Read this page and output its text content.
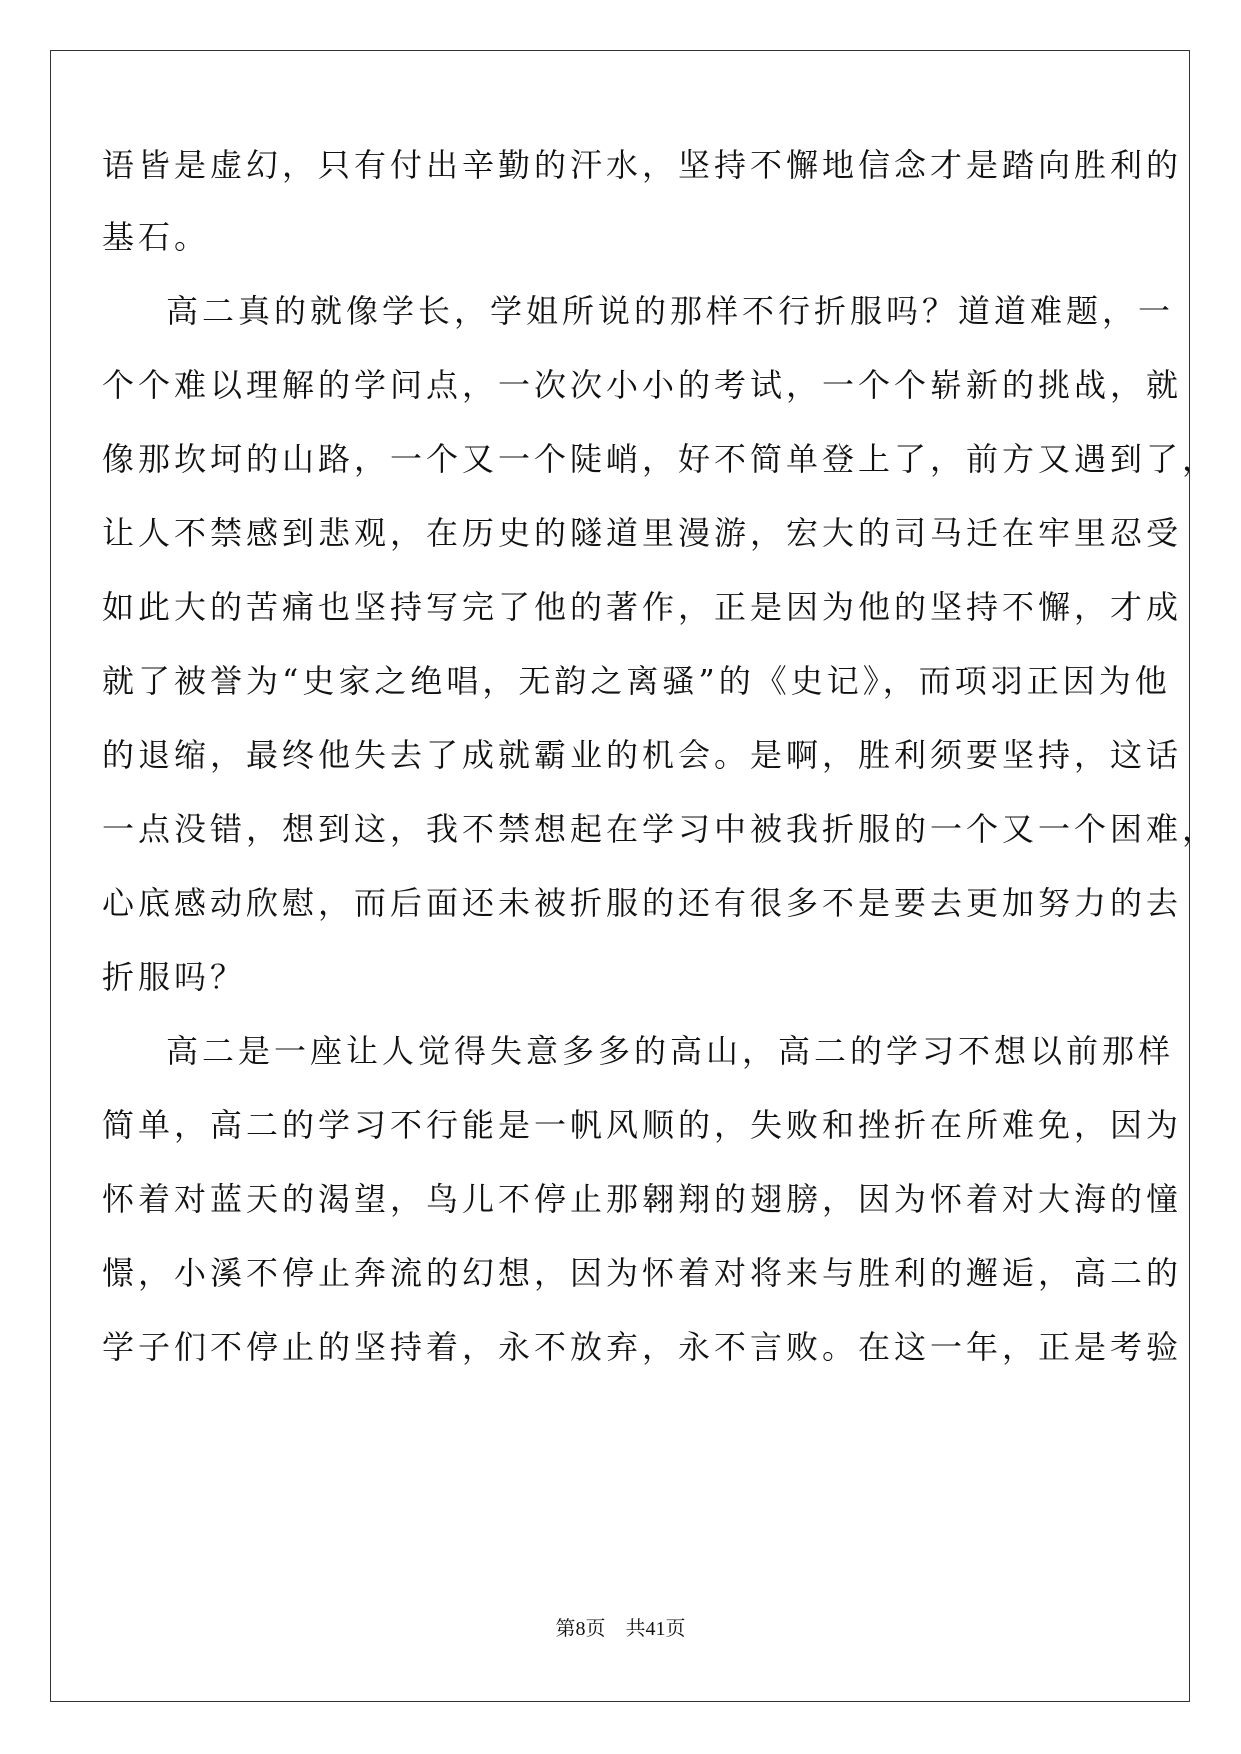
语皆是虚幻，只有付出辛勤的汗水，坚持不懈地信念才是踏向胜利的
基石。
高二真的就像学长，学姐所说的那样不行折服吗？道道难题，一
个个难以理解的学问点，一次次小小的考试，一个个崭新的挑战，就
像那坎坷的山路，一个又一个陡峭，好不简单登上了，前方又遇到了，
让人不禁感到悲观，在历史的隧道里漫游，宏大的司马迁在牢里忍受
如此大的苦痛也坚持写完了他的著作，正是因为他的坚持不懈，才成
就了被誉为“史家之绝唱，无韵之离骚”的《史记》，而项羽正因为他
的退缩，最终他失去了成就霸业的机会。是啊，胜利须要坚持，这话
一点没错，想到这，我不禁想起在学习中被我折服的一个又一个困难，
心底感动欣慰，而后面还未被折服的还有很多不是要去更加努力的去
折服吗？
高二是一座让人觉得失意多多的高山，高二的学习不想以前那样
简单，高二的学习不行能是一帆风顺的，失败和挫折在所难免，因为
怀着对蓝天的渴望，鸟儿不停止那翱翔的翅膀，因为怀着对大海的憧
憬，小溪不停止奔流的幻想，因为怀着对将来与胜利的邂逅，高二的
学子们不停止的坚持着，永不放弃，永不言败。在这一年，正是考验
第8页 共41页
